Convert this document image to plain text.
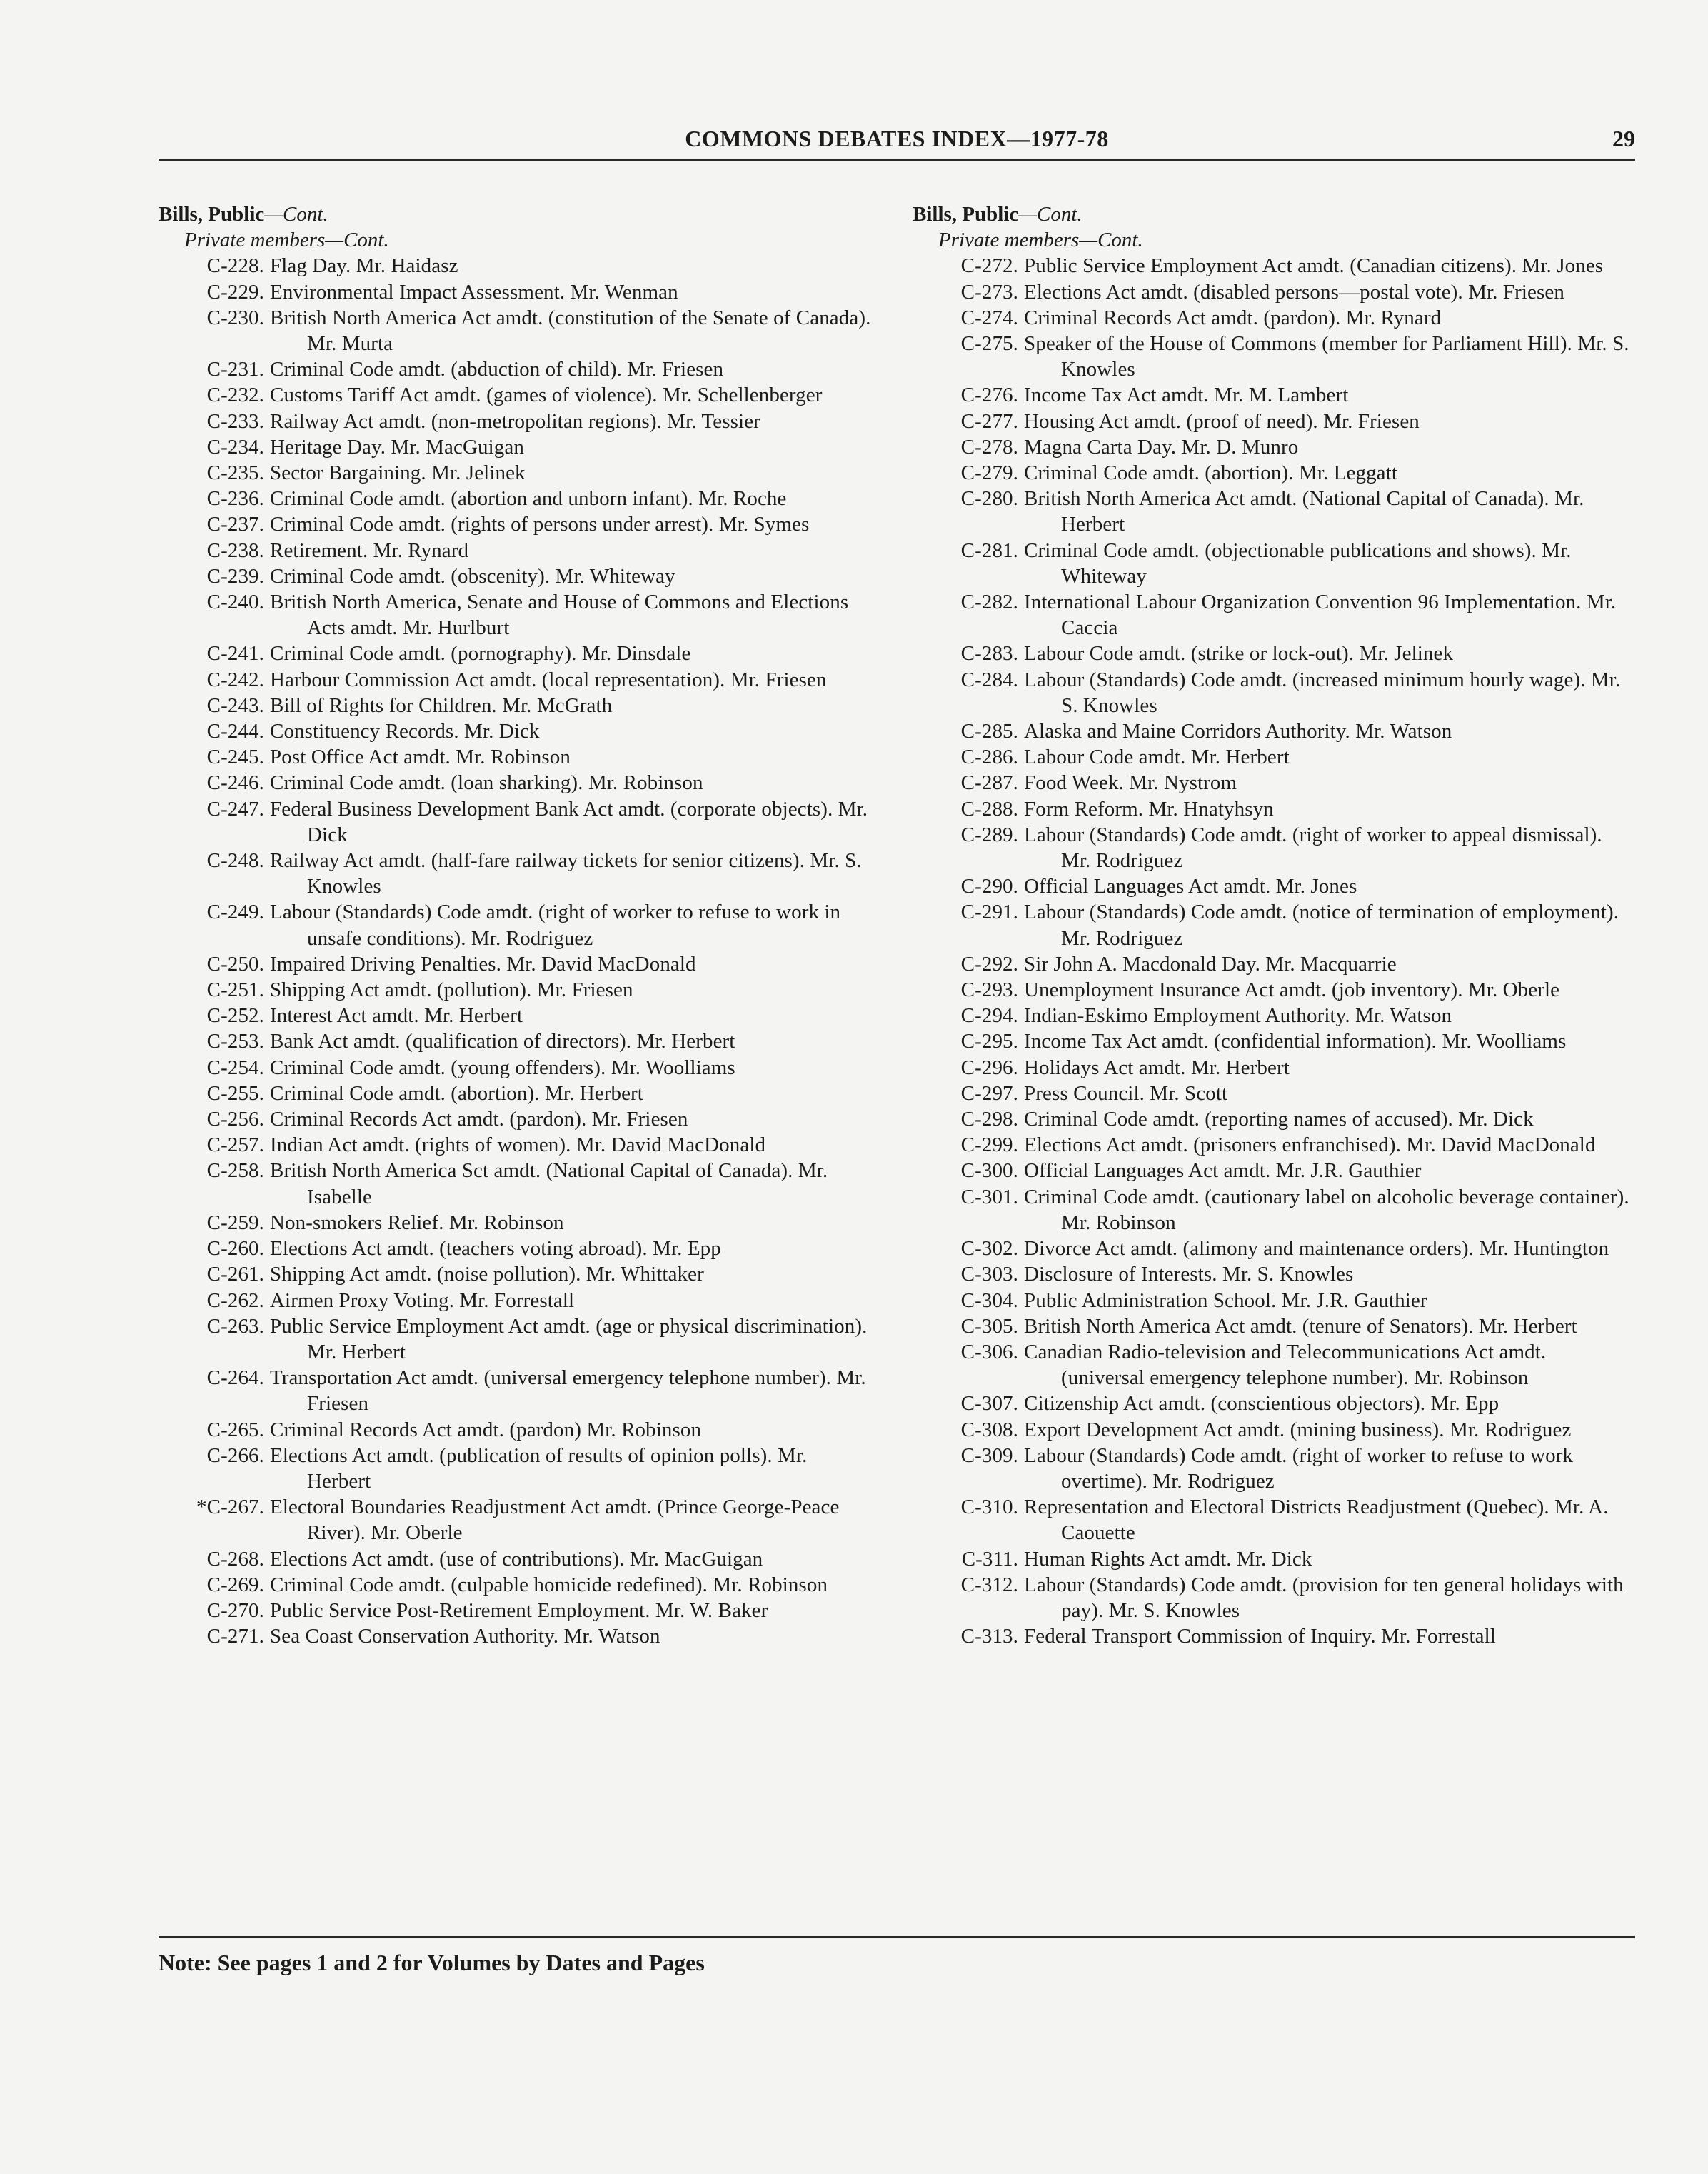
COMMONS DEBATES INDEX—1977-78	29
Bills, Public—Cont.
Private members—Cont.
C-228. Flag Day. Mr. Haidasz
C-229. Environmental Impact Assessment. Mr. Wenman
C-230. British North America Act amdt. (constitution of the Senate of Canada). Mr. Murta
C-231. Criminal Code amdt. (abduction of child). Mr. Friesen
C-232. Customs Tariff Act amdt. (games of violence). Mr. Schellenberger
C-233. Railway Act amdt. (non-metropolitan regions). Mr. Tessier
C-234. Heritage Day. Mr. MacGuigan
C-235. Sector Bargaining. Mr. Jelinek
C-236. Criminal Code amdt. (abortion and unborn infant). Mr. Roche
C-237. Criminal Code amdt. (rights of persons under arrest). Mr. Symes
C-238. Retirement. Mr. Rynard
C-239. Criminal Code amdt. (obscenity). Mr. Whiteway
C-240. British North America, Senate and House of Commons and Elections Acts amdt. Mr. Hurlburt
C-241. Criminal Code amdt. (pornography). Mr. Dinsdale
C-242. Harbour Commission Act amdt. (local representation). Mr. Friesen
C-243. Bill of Rights for Children. Mr. McGrath
C-244. Constituency Records. Mr. Dick
C-245. Post Office Act amdt. Mr. Robinson
C-246. Criminal Code amdt. (loan sharking). Mr. Robinson
C-247. Federal Business Development Bank Act amdt. (corporate objects). Mr. Dick
C-248. Railway Act amdt. (half-fare railway tickets for senior citizens). Mr. S. Knowles
C-249. Labour (Standards) Code amdt. (right of worker to refuse to work in unsafe conditions). Mr. Rodriguez
C-250. Impaired Driving Penalties. Mr. David MacDonald
C-251. Shipping Act amdt. (pollution). Mr. Friesen
C-252. Interest Act amdt. Mr. Herbert
C-253. Bank Act amdt. (qualification of directors). Mr. Herbert
C-254. Criminal Code amdt. (young offenders). Mr. Woolliams
C-255. Criminal Code amdt. (abortion). Mr. Herbert
C-256. Criminal Records Act amdt. (pardon). Mr. Friesen
C-257. Indian Act amdt. (rights of women). Mr. David MacDonald
C-258. British North America Sct amdt. (National Capital of Canada). Mr. Isabelle
C-259. Non-smokers Relief. Mr. Robinson
C-260. Elections Act amdt. (teachers voting abroad). Mr. Epp
C-261. Shipping Act amdt. (noise pollution). Mr. Whittaker
C-262. Airmen Proxy Voting. Mr. Forrestall
C-263. Public Service Employment Act amdt. (age or physical discrimination). Mr. Herbert
C-264. Transportation Act amdt. (universal emergency telephone number). Mr. Friesen
C-265. Criminal Records Act amdt. (pardon) Mr. Robinson
C-266. Elections Act amdt. (publication of results of opinion polls). Mr. Herbert
*C-267. Electoral Boundaries Readjustment Act amdt. (Prince George-Peace River). Mr. Oberle
C-268. Elections Act amdt. (use of contributions). Mr. MacGuigan
C-269. Criminal Code amdt. (culpable homicide redefined). Mr. Robinson
C-270. Public Service Post-Retirement Employment. Mr. W. Baker
C-271. Sea Coast Conservation Authority. Mr. Watson
Bills, Public—Cont.
Private members—Cont.
C-272. Public Service Employment Act amdt. (Canadian citizens). Mr. Jones
C-273. Elections Act amdt. (disabled persons—postal vote). Mr. Friesen
C-274. Criminal Records Act amdt. (pardon). Mr. Rynard
C-275. Speaker of the House of Commons (member for Parliament Hill). Mr. S. Knowles
C-276. Income Tax Act amdt. Mr. M. Lambert
C-277. Housing Act amdt. (proof of need). Mr. Friesen
C-278. Magna Carta Day. Mr. D. Munro
C-279. Criminal Code amdt. (abortion). Mr. Leggatt
C-280. British North America Act amdt. (National Capital of Canada). Mr. Herbert
C-281. Criminal Code amdt. (objectionable publications and shows). Mr. Whiteway
C-282. International Labour Organization Convention 96 Implementation. Mr. Caccia
C-283. Labour Code amdt. (strike or lock-out). Mr. Jelinek
C-284. Labour (Standards) Code amdt. (increased minimum hourly wage). Mr. S. Knowles
C-285. Alaska and Maine Corridors Authority. Mr. Watson
C-286. Labour Code amdt. Mr. Herbert
C-287. Food Week. Mr. Nystrom
C-288. Form Reform. Mr. Hnatyhsyn
C-289. Labour (Standards) Code amdt. (right of worker to appeal dismissal). Mr. Rodriguez
C-290. Official Languages Act amdt. Mr. Jones
C-291. Labour (Standards) Code amdt. (notice of termination of employment). Mr. Rodriguez
C-292. Sir John A. Macdonald Day. Mr. Macquarrie
C-293. Unemployment Insurance Act amdt. (job inventory). Mr. Oberle
C-294. Indian-Eskimo Employment Authority. Mr. Watson
C-295. Income Tax Act amdt. (confidential information). Mr. Woolliams
C-296. Holidays Act amdt. Mr. Herbert
C-297. Press Council. Mr. Scott
C-298. Criminal Code amdt. (reporting names of accused). Mr. Dick
C-299. Elections Act amdt. (prisoners enfranchised). Mr. David MacDonald
C-300. Official Languages Act amdt. Mr. J.R. Gauthier
C-301. Criminal Code amdt. (cautionary label on alcoholic beverage container). Mr. Robinson
C-302. Divorce Act amdt. (alimony and maintenance orders). Mr. Huntington
C-303. Disclosure of Interests. Mr. S. Knowles
C-304. Public Administration School. Mr. J.R. Gauthier
C-305. British North America Act amdt. (tenure of Senators). Mr. Herbert
C-306. Canadian Radio-television and Telecommunications Act amdt. (universal emergency telephone number). Mr. Robinson
C-307. Citizenship Act amdt. (conscientious objectors). Mr. Epp
C-308. Export Development Act amdt. (mining business). Mr. Rodriguez
C-309. Labour (Standards) Code amdt. (right of worker to refuse to work overtime). Mr. Rodriguez
C-310. Representation and Electoral Districts Readjustment (Quebec). Mr. A. Caouette
C-311. Human Rights Act amdt. Mr. Dick
C-312. Labour (Standards) Code amdt. (provision for ten general holidays with pay). Mr. S. Knowles
C-313. Federal Transport Commission of Inquiry. Mr. Forrestall
Note: See pages 1 and 2 for Volumes by Dates and Pages
